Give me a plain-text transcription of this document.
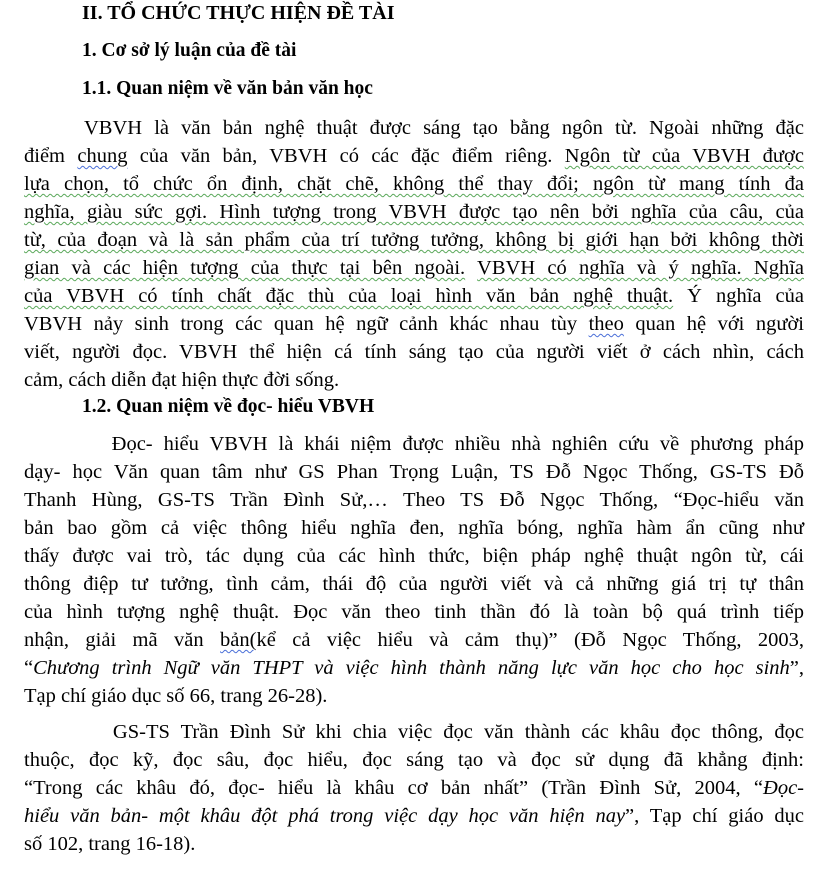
II. TỔ CHỨC THỰC HIỆN ĐỀ TÀI
1. Cơ sở lý luận của đề tài
1.1. Quan niệm về văn bản văn học
VBVH là văn bản nghệ thuật được sáng tạo bằng ngôn từ. Ngoài những đặc
điểm chung của văn bản, VBVH có các đặc điểm riêng. Ngôn từ của VBVH được
lựa chọn, tổ chức ổn định, chặt chẽ, không thể thay đổi; ngôn từ mang tính đa
nghĩa, giàu sức gợi. Hình tượng trong VBVH được tạo nên bởi nghĩa của câu, của
từ, của đoạn và là sản phẩm của trí tưởng tưởng, không bị giới hạn bởi không thời
gian và các hiện tượng của thực tại bên ngoài. VBVH có nghĩa và ý nghĩa. Nghĩa
của VBVH có tính chất đặc thù của loại hình văn bản nghệ thuật. Ý nghĩa của
VBVH nảy sinh trong các quan hệ ngữ cảnh khác nhau tùy theo quan hệ với người
viết, người đọc. VBVH thể hiện cá tính sáng tạo của người viết ở cách nhìn, cách
cảm, cách diễn đạt hiện thực đời sống.
1.2. Quan niệm về đọc- hiểu VBVH
Đọc- hiểu VBVH là khái niệm được nhiều nhà nghiên cứu về phương pháp
dạy- học Văn quan tâm như GS Phan Trọng Luận, TS Đỗ Ngọc Thống, GS-TS Đỗ
Thanh Hùng, GS-TS Trần Đình Sử,… Theo TS Đỗ Ngọc Thống, “Đọc-hiểu văn
bản bao gồm cả việc thông hiểu nghĩa đen, nghĩa bóng, nghĩa hàm ẩn cũng như
thấy được vai trò, tác dụng của các hình thức, biện pháp nghệ thuật ngôn từ, cái
thông điệp tư tưởng, tình cảm, thái độ của người viết và cả những giá trị tự thân
của hình tượng nghệ thuật. Đọc văn theo tinh thần đó là toàn bộ quá trình tiếp
nhận, giải mã văn bản(kể cả việc hiểu và cảm thụ)” (Đỗ Ngọc Thống, 2003,
“Chương trình Ngữ văn THPT và việc hình thành năng lực văn học cho học sinh”,
Tạp chí giáo dục số 66, trang 26-28).
GS-TS Trần Đình Sử khi chia việc đọc văn thành các khâu đọc thông, đọc
thuộc, đọc kỹ, đọc sâu, đọc hiểu, đọc sáng tạo và đọc sử dụng đã khẳng định:
“Trong các khâu đó, đọc- hiểu là khâu cơ bản nhất” (Trần Đình Sử, 2004, “Đọc-
hiểu văn bản- một khâu đột phá trong việc dạy học văn hiện nay”, Tạp chí giáo dục
số 102, trang 16-18).
